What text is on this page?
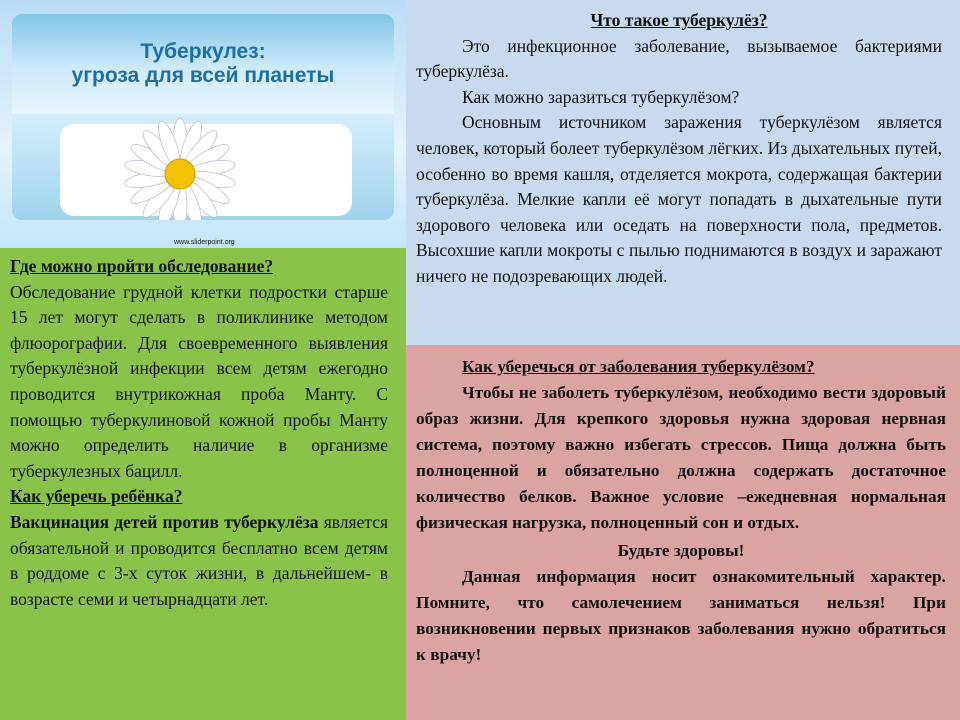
Туберкулез:
угроза для всей планеты
www.sliderpoint.org

Что такое туберкулёз?

Это инфекционное заболевание, вызываемое бактериями туберкулёза.

Как можно заразиться туберкулёзом?

Основным источником заражения туберкулёзом является человек, который болеет туберкулёзом лёгких. Из дыхательных путей, особенно во время кашля, отделяется мокрота, содержащая бактерии туберкулёза. Мелкие капли её могут попадать в дыхательные пути здорового человека или оседать на поверхности пола, предметов. Высохшие капли мокроты с пылью поднимаются в воздух и заражают ничего не подозревающих людей.

Где можно пройти обследование?

Обследование грудной клетки подростки старше 15 лет могут сделать в поликлинике методом флюорографии. Для своевременного выявления туберкулёзной инфекции всем детям ежегодно проводится внутрикожная проба Манту. С помощью туберкулиновой кожной пробы Манту можно определить наличие в организме туберкулезных бацилл.

Как уберечь ребёнка?

Вакцинация детей против туберкулёза является обязательной и проводится бесплатно всем детям в роддоме с 3-х суток жизни, в дальнейшем- в возрасте семи и четырнадцати лет.

Как уберечься от заболевания туберкулёзом?

Чтобы не заболеть туберкулёзом, необходимо вести здоровый образ жизни. Для крепкого здоровья нужна здоровая нервная система, поэтому важно избегать стрессов. Пища должна быть полноценной и обязательно должна содержать достаточное количество белков. Важное условие –ежедневная нормальная физическая нагрузка, полноценный сон и отдых.

Будьте здоровы!

Данная информация носит ознакомительный характер. Помните, что самолечением заниматься нельзя! При возникновении первых признаков заболевания нужно обратиться к врачу!
